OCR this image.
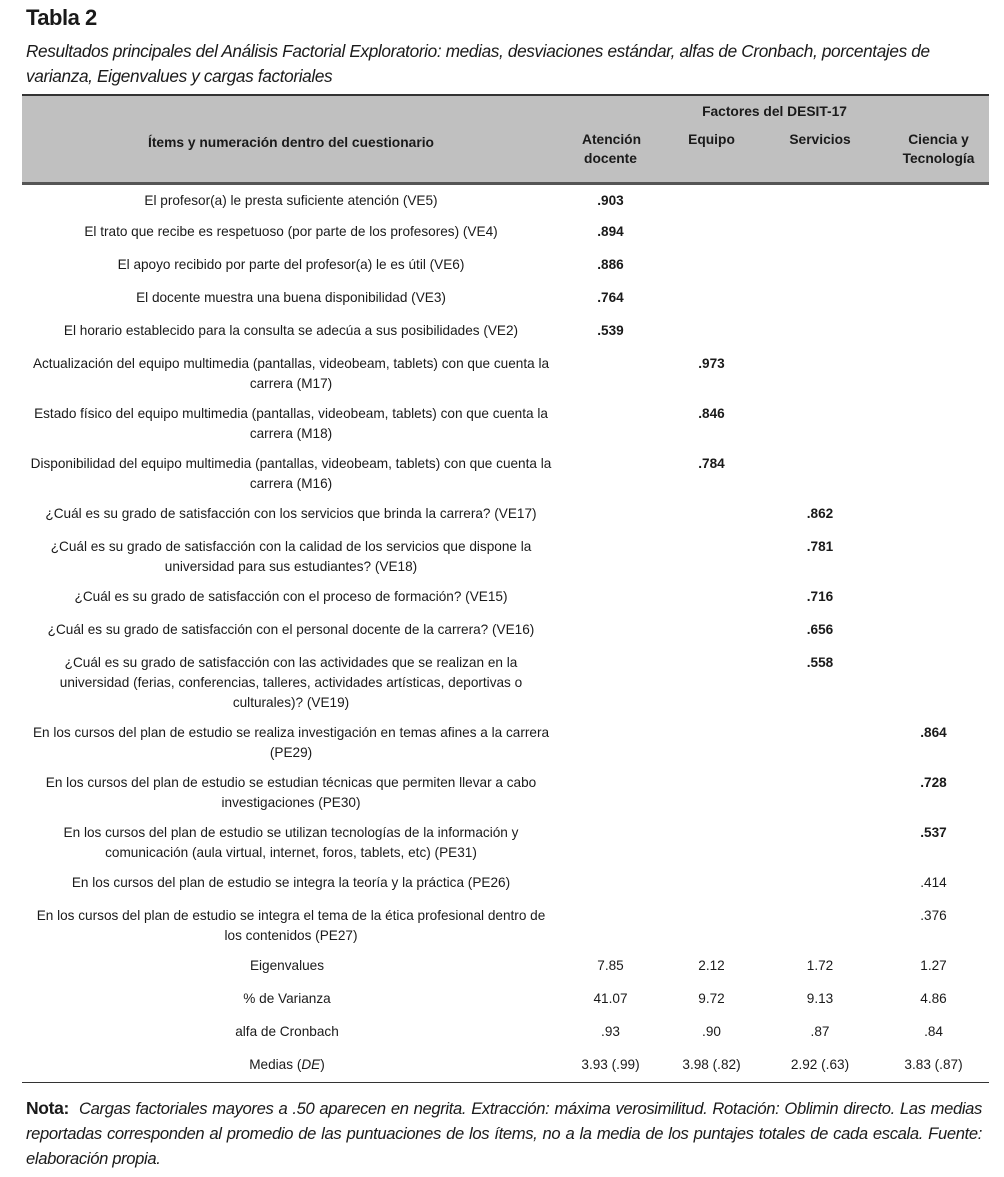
Tabla 2
Resultados principales del Análisis Factorial Exploratorio: medias, desviaciones estándar, alfas de Cronbach, porcentajes de varianza, Eigenvalues y cargas factoriales
	Factores del DESIT-17			
Ítems y numeración dentro del cuestionario	Atención docente	Equipo	Servicios	Ciencia y Tecnología
El profesor(a) le presta suficiente atención (VE5)	.903			
El trato que recibe es respetuoso (por parte de los profesores) (VE4)	.894			
El apoyo recibido por parte del profesor(a) le es útil (VE6)	.886			
El docente muestra una buena disponibilidad (VE3)	.764			
El horario establecido para la consulta se adecúa a sus posibilidades (VE2)	.539			
Actualización del equipo multimedia (pantallas, videobeam, tablets) con que cuenta la carrera (M17)		.973		
Estado físico del equipo multimedia (pantallas, videobeam, tablets) con que cuenta la carrera (M18)		.846		
Disponibilidad del equipo multimedia (pantallas, videobeam, tablets) con que cuenta la carrera (M16)		.784		
¿Cuál es su grado de satisfacción con los servicios que brinda la carrera? (VE17)			.862	
¿Cuál es su grado de satisfacción con la calidad de los servicios que dispone la universidad para sus estudiantes? (VE18)			.781	
¿Cuál es su grado de satisfacción con el proceso de formación? (VE15)			.716	
¿Cuál es su grado de satisfacción con el personal docente de la carrera? (VE16)			.656	
¿Cuál es su grado de satisfacción con las actividades que se realizan en la universidad (ferias, conferencias, talleres, actividades artísticas, deportivas o culturales)? (VE19)			.558	
En los cursos del plan de estudio se realiza investigación en temas afines a la carrera (PE29)				.864
En los cursos del plan de estudio se estudian técnicas que permiten llevar a cabo investigaciones (PE30)				.728
En los cursos del plan de estudio se utilizan tecnologías de la información y comunicación (aula virtual, internet, foros, tablets, etc) (PE31)				.537
En los cursos del plan de estudio se integra la teoría y la práctica (PE26)				.414
En los cursos del plan de estudio se integra el tema de la ética profesional dentro de los contenidos (PE27)				.376
Eigenvalues	7.85	2.12	1.72	1.27
% de Varianza	41.07	9.72	9.13	4.86
alfa de Cronbach	.93	.90	.87	.84
Medias (DE)	3.93 (.99)	3.98 (.82)	2.92 (.63)	3.83 (.87)
Nota: Cargas factoriales mayores a .50 aparecen en negrita. Extracción: máxima verosimilitud. Rotación: Oblimin directo. Las medias reportadas corresponden al promedio de las puntuaciones de los ítems, no a la media de los puntajes totales de cada escala. Fuente: elaboración propia.
